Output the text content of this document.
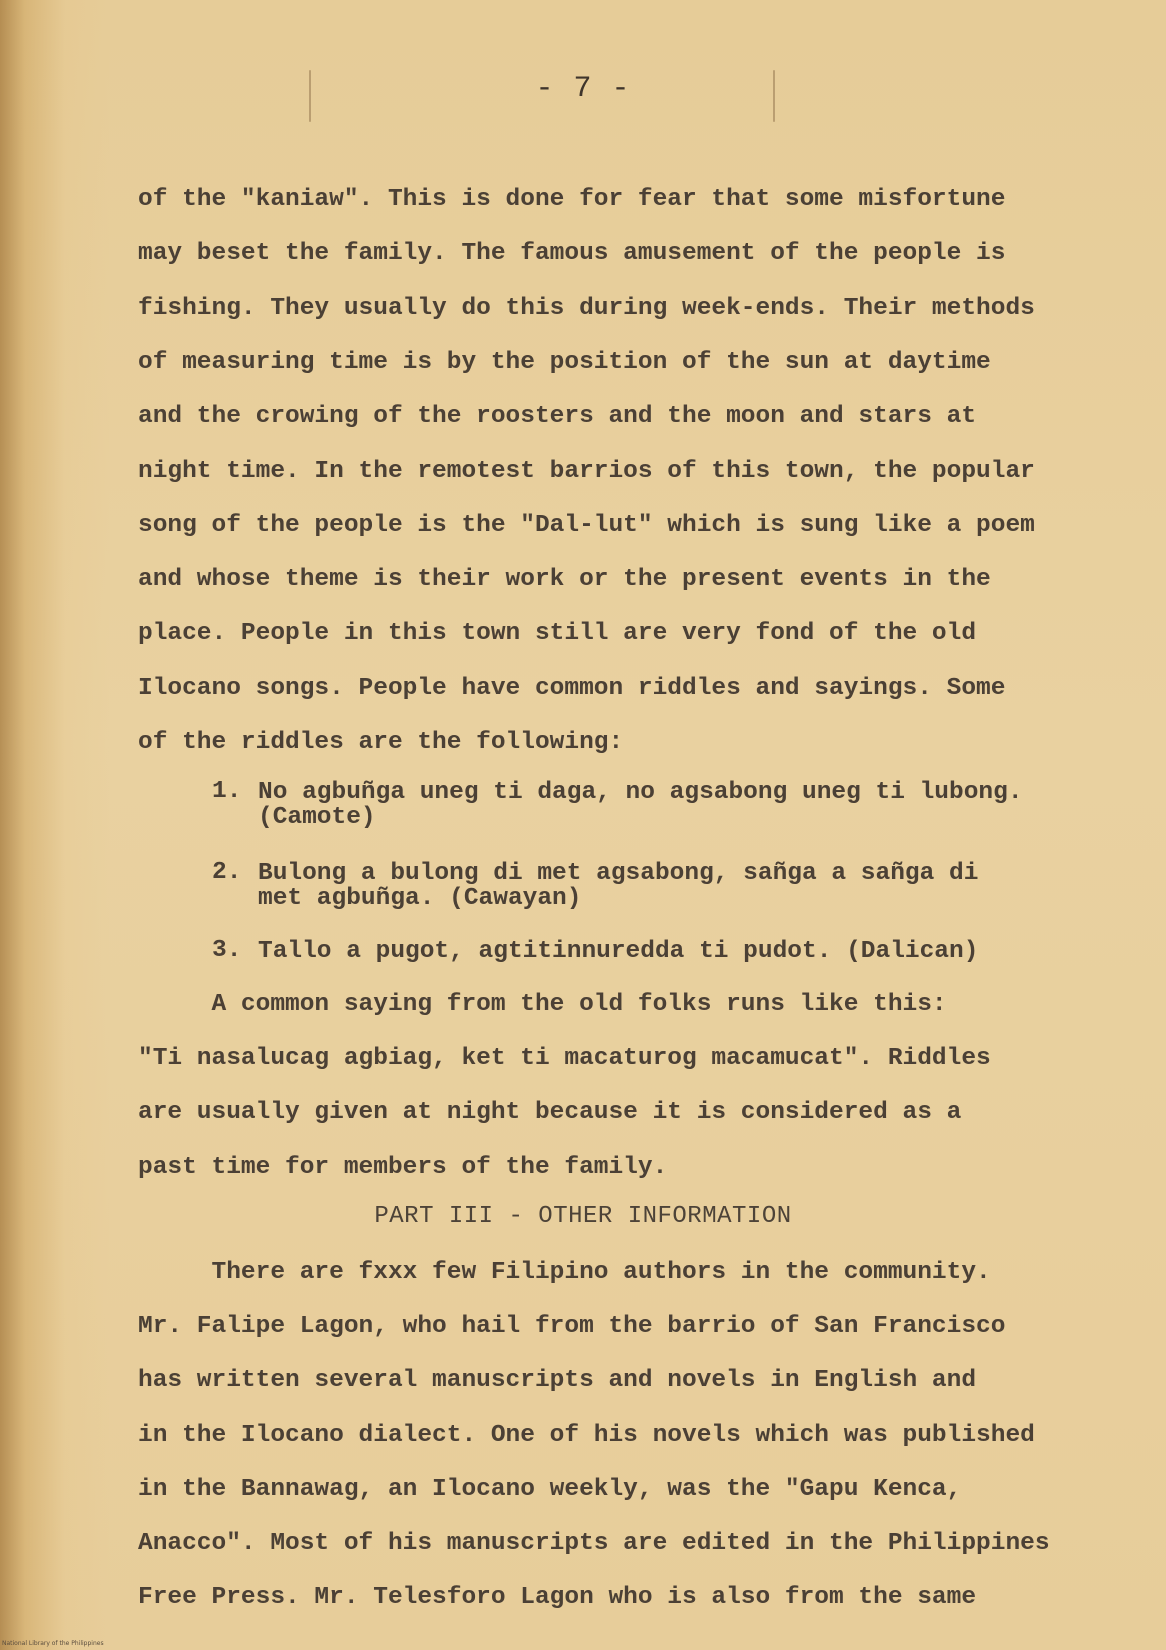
- 7 -
of the "kaniaw". This is done for fear that some misfortune
may beset the family. The famous amusement of the people is
fishing. They usually do this during week-ends. Their methods
of measuring time is by the position of the sun at daytime
and the crowing of the roosters and the moon and stars at
night time. In the remotest barrios of this town, the popular
song of the people is the "Dal-lut" which is sung like a poem
and whose theme is their work or the present events in the
place. People in this town still are very fond of the old
Ilocano songs. People have common riddles and sayings. Some
of the riddles are the following:
1. No agbuñga uneg ti daga, no agsabong uneg ti lubong.
(Camote)
2. Bulong a bulong di met agsabong, sañga a sañga di
met agbuñga. (Cawayan)
3. Tallo a pugot, agtitinnuredda ti pudot. (Dalican)
A common saying from the old folks runs like this:
"Ti nasalucag agbiag, ket ti macaturog macamucat". Riddles
are usually given at night because it is considered as a
past time for members of the family.
PART III - OTHER INFORMATION
There are fxxx few Filipino authors in the community.
Mr. Falipe Lagon, who hail from the barrio of San Francisco
has written several manuscripts and novels in English and
in the Ilocano dialect. One of his novels which was published
in the Bannawag, an Ilocano weekly, was the "Gapu Kenca,
Anacco". Most of his manuscripts are edited in the Philippines
Free Press. Mr. Telesforo Lagon who is also from the same
National Library of the Philippines
